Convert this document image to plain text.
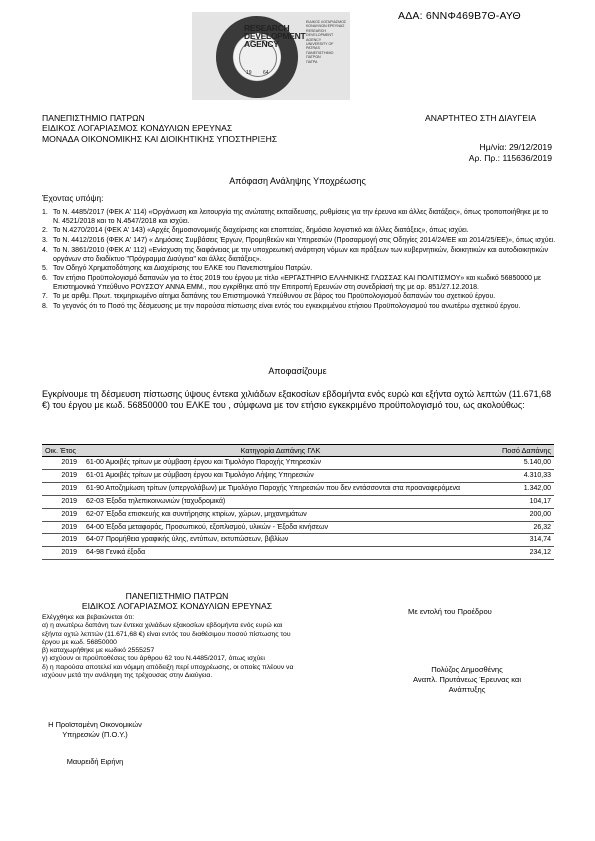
ΑΔΑ: 6ΝΝΦ469Β7Θ-ΑΥΘ
19 64
RESEARCH
DEVELOPMENT
AGENCY
ΕΙΔΙΚΟΣ ΛΟΓΑΡΙΑΣΜΟΣ
ΚΟΝΔΥΛΙΩΝ ΕΡΕΥΝΑΣ
RESEARCH
DEVELOPMENT AGENCY
UNIVERSITY OF PATRAS
ΠΑΝΕΠΙΣΤΗΜΙΟ
ΠΑΤΡΩΝ
ΠΑΤΡΑ
ΠΑΝΕΠΙΣΤΗΜΙΟ ΠΑΤΡΩΝ
ΕΙΔΙΚΟΣ ΛΟΓΑΡΙΑΣΜΟΣ ΚΟΝΔΥΛΙΩΝ ΕΡΕΥΝΑΣ
ΜΟΝΑΔΑ ΟΙΚΟΝΟΜΙΚΗΣ ΚΑΙ ΔΙΟΙΚΗΤΙΚΗΣ ΥΠΟΣΤΗΡΙΞΗΣ
ΑΝΑΡΤΗΤΕΟ ΣΤΗ ΔΙΑΥΓΕΙΑ
Ημ/νία: 29/12/2019
Αρ. Πρ.: 115636/2019
Απόφαση Ανάληψης Υποχρέωσης
Έχοντας υπόψη:
1. Το Ν. 4485/2017 (ΦΕΚ Α' 114) «Οργάνωση και λειτουργία της ανώτατης εκπαίδευσης, ρυθμίσεις για την έρευνα και άλλες διατάξεις», όπως τροποποιήθηκε με το Ν. 4521/2018 και το Ν.4547/2018 και ισχύει.
2. Το Ν.4270/2014 (ΦΕΚ Α' 143) «Αρχές δημοσιονομικής διαχείρισης και εποπτείας, δημόσιο λογιστικό και άλλες διατάξεις», όπως ισχύει.
3. Το Ν. 4412/2016 (ΦΕΚ Α' 147) « Δημόσιες Συμβάσεις Έργων, Προμηθειών και Υπηρεσιών (Προσαρμογή στις Οδηγίες 2014/24/ΕΕ και 2014/25/ΕΕ)», όπως ισχύει.
4. Το Ν. 3861/2010 (ΦΕΚ Α' 112) «Ενίσχυση της διαφάνειας με την υποχρεωτική ανάρτηση νόμων και πράξεων των κυβερνητικών, διοικητικών και αυτοδιοικητικών οργάνων στο διαδίκτυο "Πρόγραμμα Διαύγεια" και άλλες διατάξεις».
5. Τον Οδηγό Χρηματοδότησης και Διαχείρισης του ΕΛΚΕ του Πανεπιστημίου Πατρών.
6. Τον ετήσιο Προϋπολογισμό δαπανών για το έτος 2019 του έργου με τίτλο «ΕΡΓΑΣΤΗΡΙΟ ΕΛΛΗΝΙΚΗΣ ΓΛΩΣΣΑΣ ΚΑΙ ΠΟΛΙΤΙΣΜΟΥ» και κωδικό 56850000 με Επιστημονικά Υπεύθυνο ΡΟΥΣΣΟΥ ΑΝΝΑ ΕΜΜ., που εγκρίθηκε από την Επιτροπή Ερευνών στη συνεδρίασή της με αρ. 851/27.12.2018.
7. Το με αριθμ. Πρωτ. τεκμηριωμένο αίτημα δαπάνης του Επιστημονικά Υπεύθυνου σε βάρος του Προϋπολογισμού δαπανών του σχετικού έργου.
8. Το γεγονός ότι το Ποσό της δέσμευσης με την παρούσα πίστωσης είναι εντός του εγκεκριμένου ετήσιου Προϋπολογισμού του ανωτέρω σχετικού έργου.
Αποφασίζουμε
Εγκρίνουμε τη δέσμευση πίστωσης ύψους έντεκα χιλιάδων εξακοσίων εβδομήντα ενός ευρώ και εξήντα οχτώ λεπτών (11.671,68 €) του έργου με κωδ. 56850000 του ΕΛΚΕ του , σύμφωνα με τον ετήσιο εγκεκριμένο προϋπολογισμό του, ως ακολούθως:
Οικ. Έτος	Κατηγορία Δαπάνης ΓΛΚ	Ποσό Δαπάνης
2019	61-00 Αμοιβές τρίτων με σύμβαση έργου και Τιμολόγιο Παροχής Υπηρεσιών	5.140,00
2019	61-01 Αμοιβές τρίτων με σύμβαση έργου και Τιμολόγιο Λήψης Υπηρεσιών	4.310,33
2019	61-90 Αποζημίωση τρίτων (υπεργολάβων) με Τιμολόγιο Παροχής Υπηρεσιών που δεν εντάσσονται στα προαναφερόμενα	1.342,00
2019	62-03 Έξοδα τηλεπικοινωνιών (ταχυδρομικά)	104,17
2019	62-07 Έξοδα επισκευής και συντήρησης κτιρίων, χώρων, μηχανημάτων	200,00
2019	64-00 Έξοδα μεταφοράς, Προσωπικού, εξοπλισμού, υλικών - Έξοδα κινήσεων	26,32
2019	64-07 Προμήθεια γραφικής ύλης, εντύπων, εκτυπώσεων, βιβλίων	314,74
2019	64-98 Γενικά έξοδα	234,12
ΠΑΝΕΠΙΣΤΗΜΙΟ ΠΑΤΡΩΝ
ΕΙΔΙΚΟΣ ΛΟΓΑΡΙΑΣΜΟΣ ΚΟΝΔΥΛΙΩΝ ΕΡΕΥΝΑΣ
Ελέγχθηκε και βεβαιώνεται ότι:
α) η ανωτέρω δαπάνη των έντεκα χιλιάδων εξακοσίων εβδομήντα ενός ευρώ και
εξήντα οχτώ λεπτών (11.671,68 €) είναι εντός του διαθέσιμου ποσού πίστωσης του
έργου με κωδ. 56850000
β) καταχωρήθηκε με κωδικό 2555257
γ) ισχύουν οι προϋποθέσεις του άρθρου 62 του Ν.4485/2017, όπως ισχύει
δ) η παρούσα αποτελεί και νόμιμη απόδειξη περί υποχρέωσης, οι οποίες πλέουν να
ισχύουν μετά την ανάληψη της τρέχουσας στην Διαύγεια.
Με εντολή του Προέδρου
Πολύζος Δημοσθένης
Αναπλ. Πρυτάνεως Έρευνας και
Ανάπτυξης
Η Προϊσταμένη Οικονομικών
Υπηρεσιών (Π.Ο.Υ.)
Μαυρειδή Ειρήνη
